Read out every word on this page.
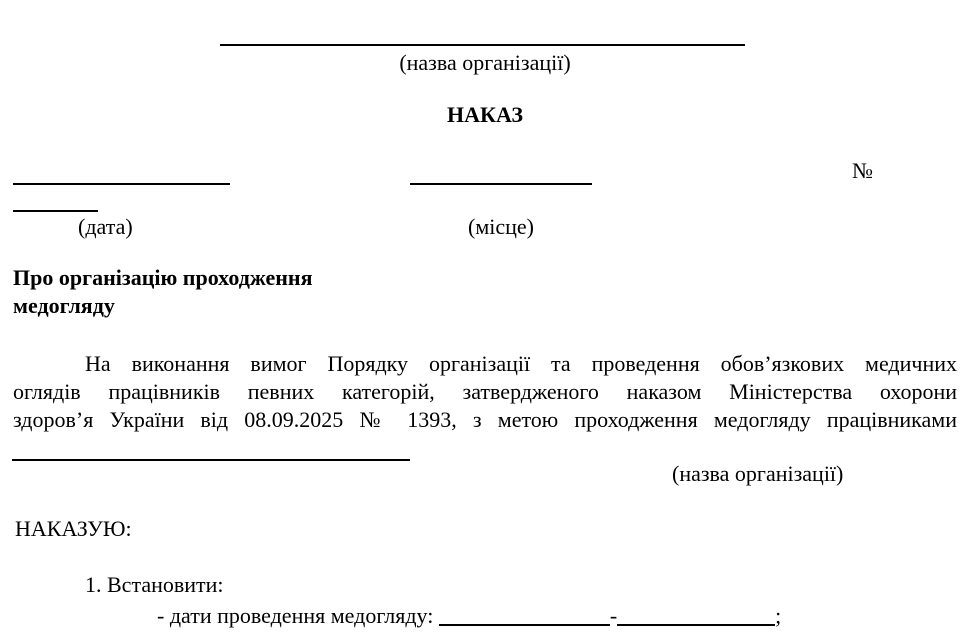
(назва організації)
НАКАЗ
№
(дата)	(місце)
Про організацію проходження
медогляду
На виконання вимог Порядку організації та проведення обов’язкових медичних
оглядів працівників певних категорій, затвердженого наказом Міністерства охорони
здоров’я України від 08.09.2025 № 1393, з метою проходження медогляду працівниками
(назва організації)
НАКАЗУЮ:
1. Встановити:
- дати проведення медогляду:	-	;
